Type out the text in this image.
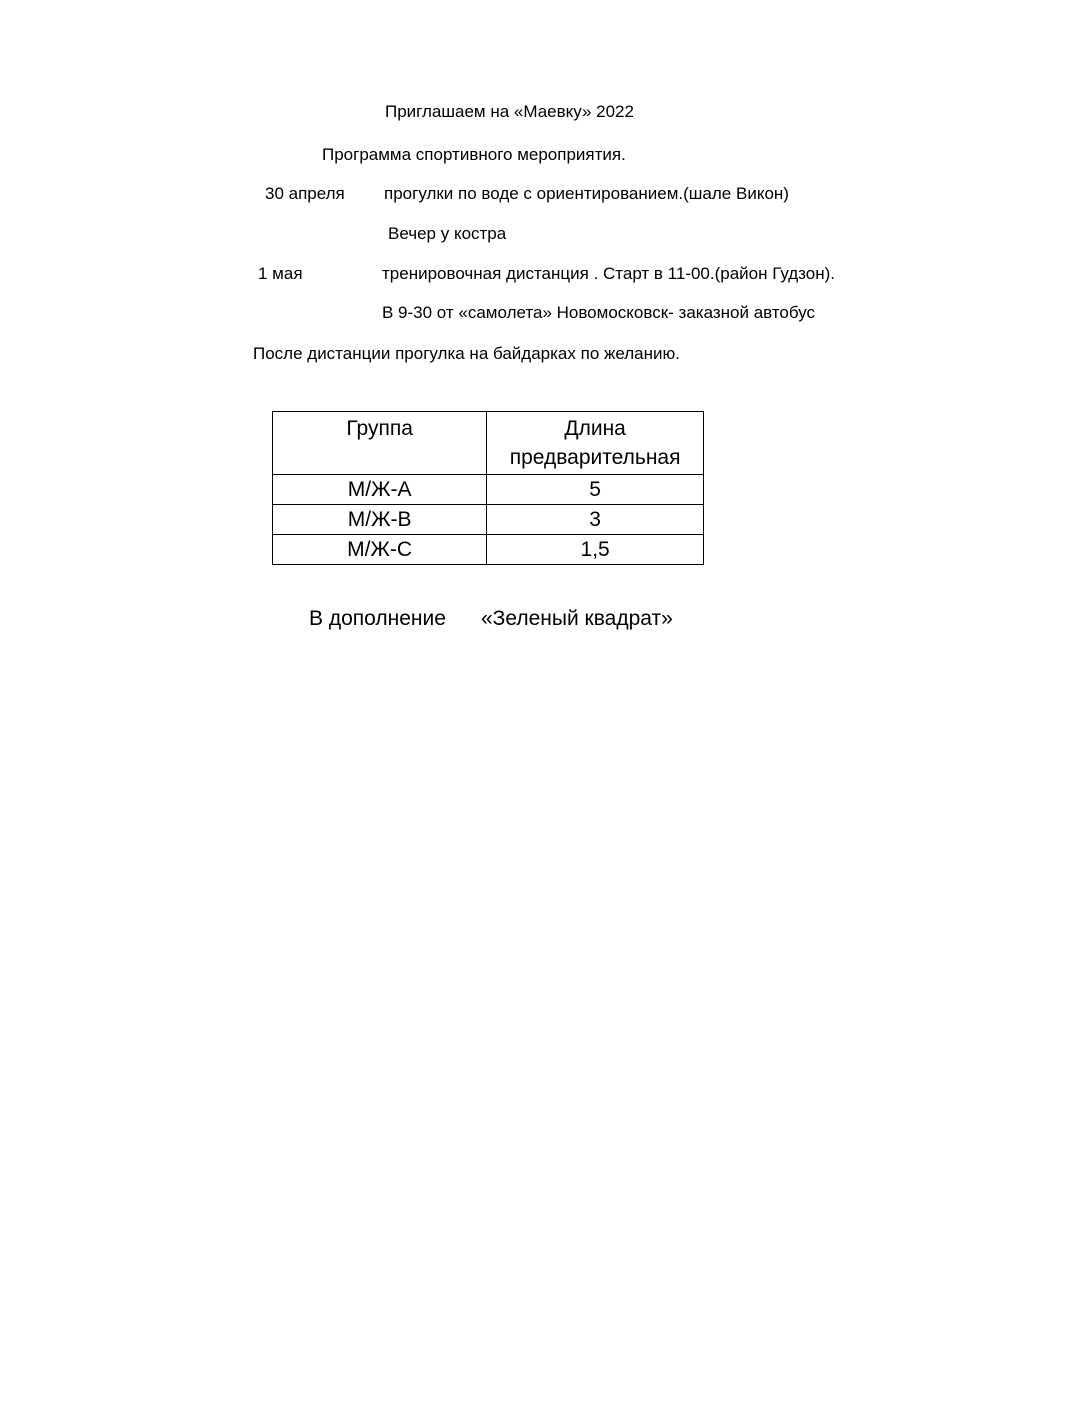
Приглашаем на «Маевку» 2022
Программа спортивного мероприятия.
30 апреля прогулки по воде с ориентированием.(шале Викон)
Вечер у костра
1 мая	тренировочная дистанция . Старт в 11-00.(район Гудзон).
В 9-30 от «самолета» Новомосковск- заказной автобус
После дистанции прогулка на байдарках по желанию.
Группа	Длина предварительная
М/Ж-А	5
М/Ж-В	3
М/Ж-С	1,5
В дополнение «Зеленый квадрат»
